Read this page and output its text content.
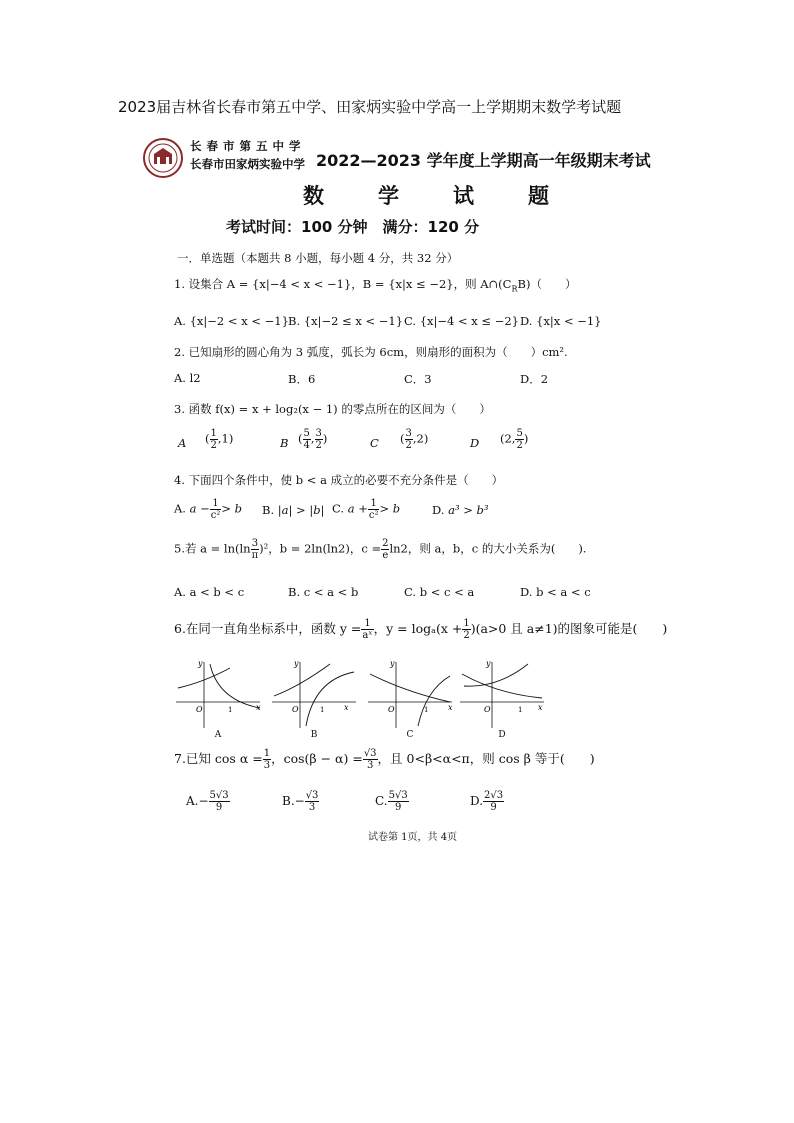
2023届吉林省长春市第五中学、田家炳实验中学高一上学期期末数学考试题
长春市第五中学
长春市田家炳实验中学 2022—2023 学年度上学期高一年级期末考试
数	学	试	题
考试时间：100 分钟　满分：120 分
一．单选题（本题共 8 小题，每小题 4 分，共 32 分）
1. 设集合 A = {x|−4 < x < −1}，B = {x|x ≤ −2}，则 $A\cap(C_RB)$（　　）
A. {x|−2 < x < −1} B. {x|−2 ≤ x < −1} C. {x|−4 < x ≤ −2} D. {x|x < −1}
2. 已知扇形的圆心角为 3 弧度，弧长为 6cm，则扇形的面积为（　　）cm².
A. l2	B．6	C．3	D．2
3. 函数 f(x) = x + log₂(x − 1) 的零点所在的区间为（　　）
A ( $\frac{1}{2} ,1$)	B ( $\frac{5}{4}$ , $\frac{3}{2}$ )	C ( $\frac{3}{2} ,2$)	D (2, $\frac{5}{2}$ )
4. 下面四个条件中，使 b < a 成立的必要不充分条件是（　　）
A. $a - \frac{1}{\text{c²}} > b$ B. |a| > |b| C. $a + \frac{1}{\text{c²}} > b$	D. a³ > b³
5.若 $a = \ln(\ln \frac{3}{\pi} )^2$，b = 2ln(ln2)，$c = \frac{2}{e} \ln 2$，则 a，b，c 的大小关系为(　　).
A. a < b < c	B. c < a < b	C. b < c < a	D. b < a < c
6.在同一直角坐标系中，函数 $y = \frac{1}{\text{aˣ}}$ ，$y = \log_a(x + \frac{1}{2} )(a>0$ 且 a≠1)的图象可能是(　　)
y
x
O	1
A
y
x
O	1
B
y
x
O	1
C
y
x
O	1
D
7.已知 $\cos \alpha = \frac{1}{3}$ ，$\cos(\beta - \alpha) = \frac{√3}{3}$ ，且 0<β<α<π，则 cos β 等于(　　)
$A.- \frac{5√3}{9}$	$B.- \frac{√3}{3}$	C. $\frac{5√3}{9}$	D. $\frac{2√3}{9}$
试卷第 1页，共 4页
